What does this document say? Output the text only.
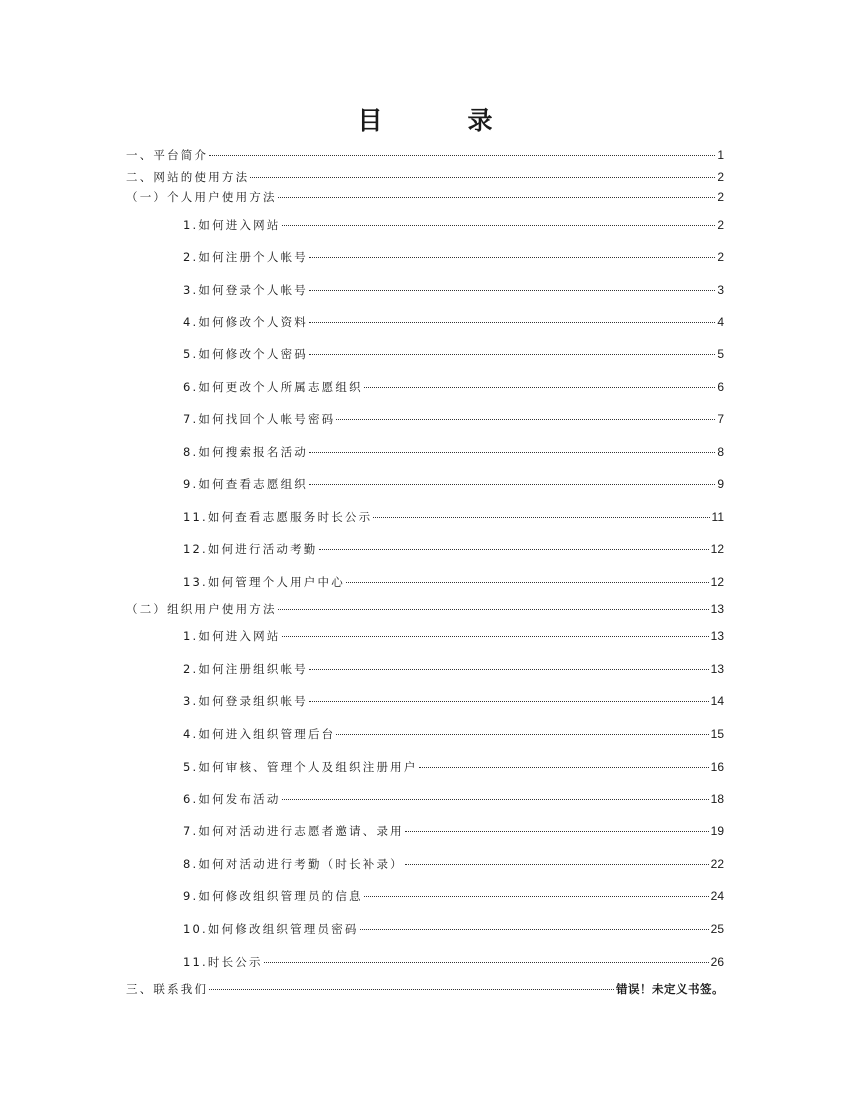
目　录
一、平台简介	1
二、网站的使用方法	2
（一）个人用户使用方法	2
1.如何进入网站	2
2.如何注册个人帐号	2
3.如何登录个人帐号	3
4.如何修改个人资料	4
5.如何修改个人密码	5
6.如何更改个人所属志愿组织	6
7.如何找回个人帐号密码	7
8.如何搜索报名活动	8
9.如何查看志愿组织	9
11.如何查看志愿服务时长公示	11
12.如何进行活动考勤	12
13.如何管理个人用户中心	12
（二）组织用户使用方法	13
1.如何进入网站	13
2.如何注册组织帐号	13
3.如何登录组织帐号	14
4.如何进入组织管理后台	15
5.如何审核、管理个人及组织注册用户	16
6.如何发布活动	18
7.如何对活动进行志愿者邀请、录用	19
8.如何对活动进行考勤（时长补录）	22
9.如何修改组织管理员的信息	24
10.如何修改组织管理员密码	25
11.时长公示	26
三、联系我们	错误！未定义书签。
